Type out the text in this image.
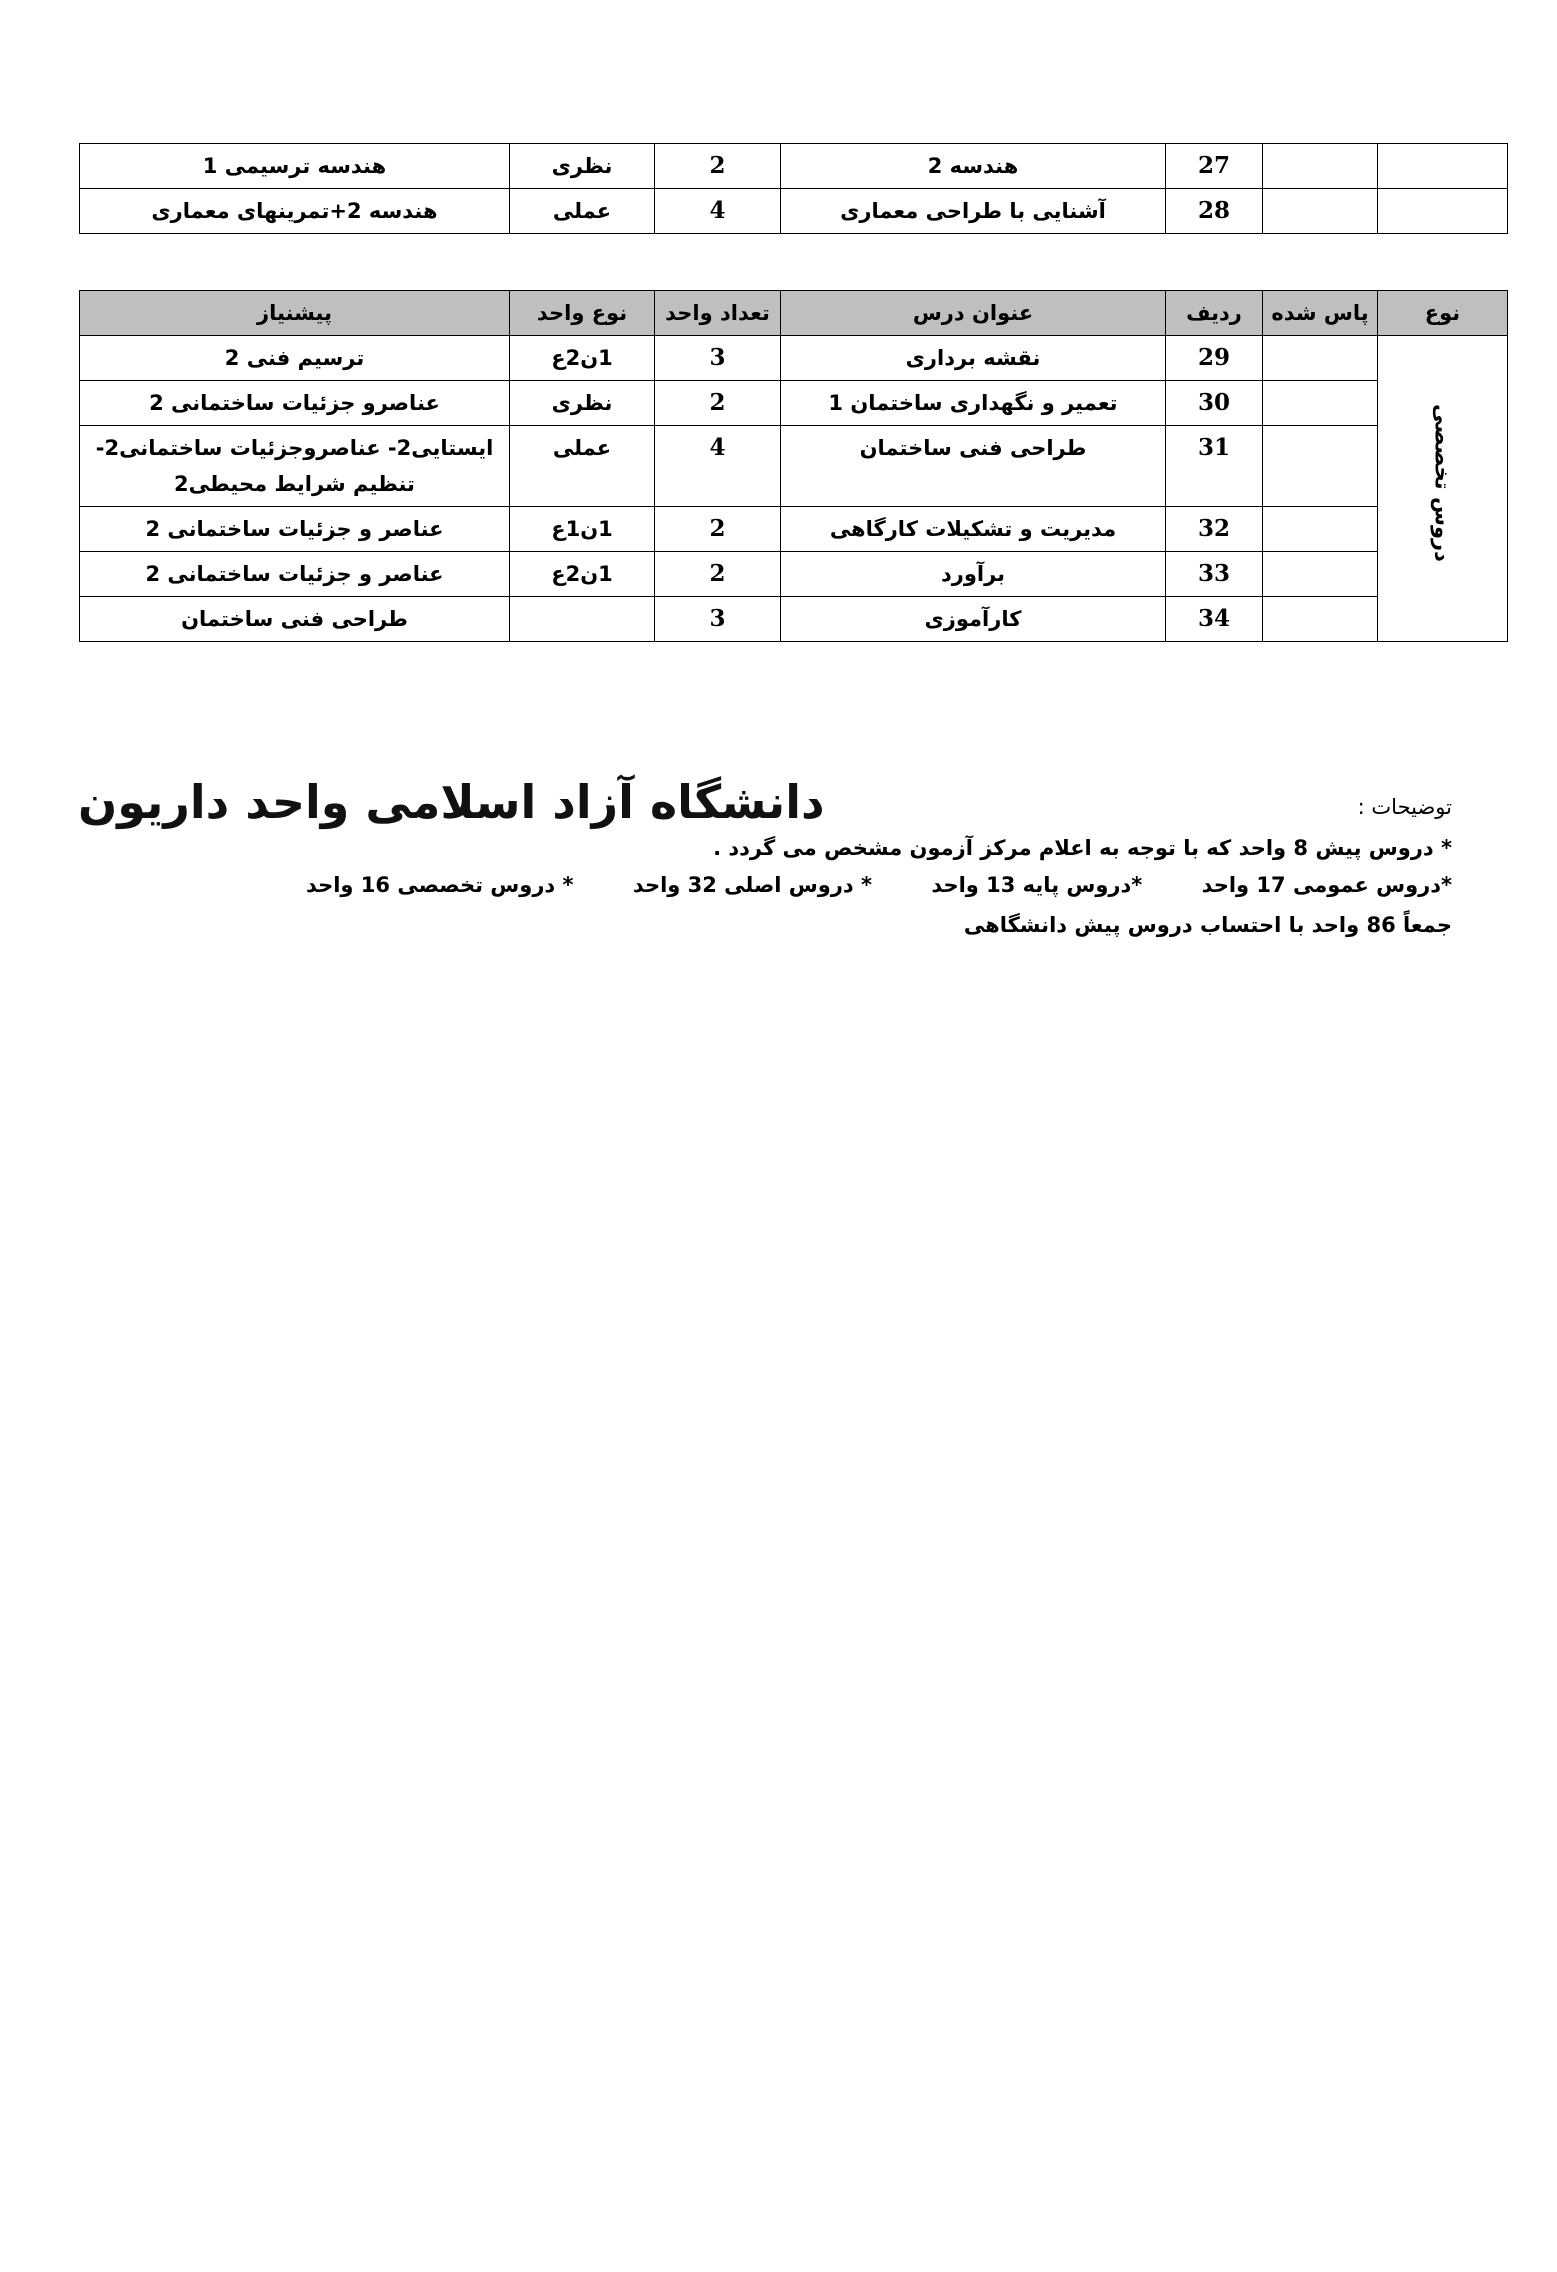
		27	هندسه 2	2	نظری	هندسه ترسیمی 1
		28	آشنایی با طراحی معماری	4	عملی	هندسه 2+تمرینهای معماری
نوع	پاس شده	ردیف	عنوان درس	تعداد واحد	نوع واحد	پیشنیاز
دروس تخصصی		29	نقشه برداری	3	1ن2ع	ترسیم فنی 2
		30	تعمیر و نگهداری ساختمان 1	2	نظری	عناصرو جزئیات ساختمانی 2
		31	طراحی فنی ساختمان	4	عملی	ایستایی2- عناصروجزئیات ساختمانی2- تنظیم شرایط محیطی2
		32	مدیریت و تشکیلات کارگاهی	2	1ن1ع	عناصر و جزئیات ساختمانی 2
		33	برآورد	2	1ن2ع	عناصر و جزئیات ساختمانی 2
		34	کارآموزی	3		طراحی فنی ساختمان
دانشگاه آزاد اسلامی واحد داریون	توضیحات :
* دروس پیش 8 واحد که با توجه به اعلام مرکز آزمون مشخص می گردد .
*دروس عمومی 17 واحد *دروس پایه 13 واحد * دروس اصلی 32 واحد * دروس تخصصی 16 واحد
جمعاً 86 واحد با احتساب دروس پیش دانشگاهی
